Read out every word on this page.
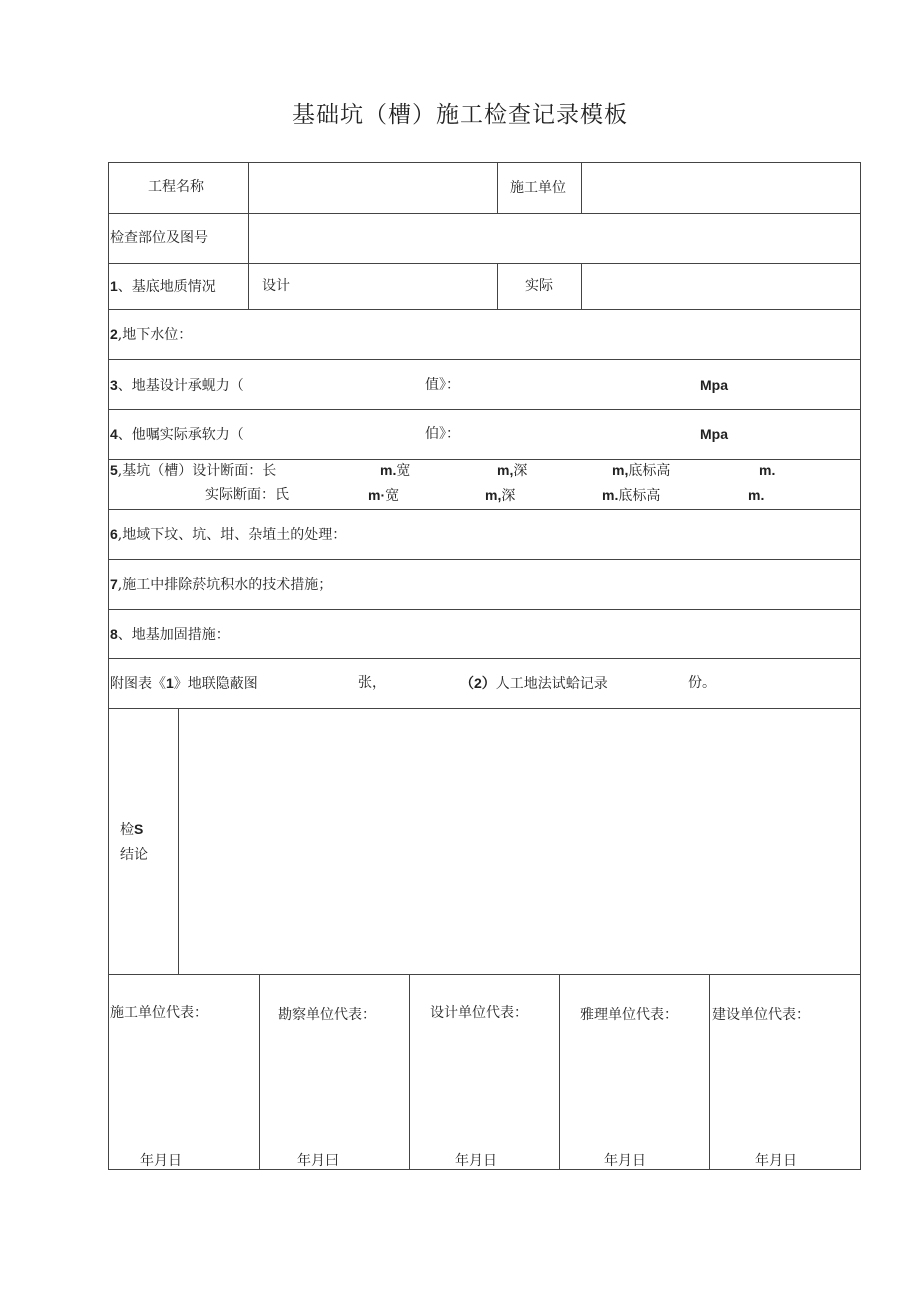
基础坑（槽）施工检查记录模板
工程名称	施工单位
检查部位及图号
1、基底地质情况	设计	实际
2,地下水位：
3、地基设计承蚬力（	值》：	Mpa
4、他嘱实际承软力（	伯》：	Mpa
5,基坑（槽）设计断面：长	m.宽	m,深	m,底标高	m.
实际断面：氏	m·宽	m,深	m.底标高	m.
6,地域下坟、坑、坩、杂埴土的处理：
7,施工中排除菸坑积水的技术措施；
8、地基加固措施：
附图表《1》地联隐蔽图	张，	（2）人工地法试蛤记录	份。
检S
结论
施工单位代表：	勘察单位代表：	设计单位代表：	雅理单位代表： 建设单位代表：
年月日	年月曰	年月日	年月日	年月日
